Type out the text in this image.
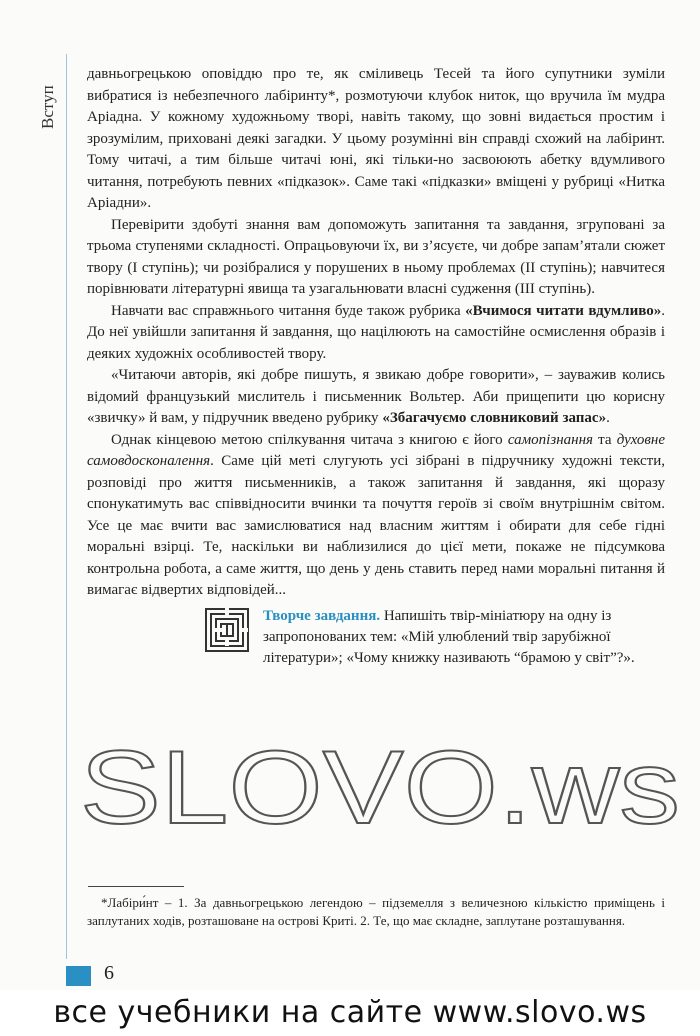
Вступ

давньогрецькою оповіддю про те, як сміливець Тесей та його супутники зуміли вибратися із небезпечного лабіринту*, розмотуючи клубок ниток, що вручила їм мудра Аріадна. У кожному художньому творі, навіть такому, що зовні видається простим і зрозумілим, приховані деякі загадки. У цьому розумінні він справді схожий на лабіринт. Тому читачі, а тим більше читачі юні, які тільки-но засвоюють абетку вдумливого читання, потребують певних «підказок». Саме такі «підказки» вміщені у рубриці «Нитка Аріадни».

Перевірити здобуті знання вам допоможуть запитання та завдання, згруповані за трьома ступенями складності. Опрацьовуючи їх, ви з’ясуєте, чи добре запам’ятали сюжет твору (I ступінь); чи розібралися у порушених в ньому проблемах (II ступінь); навчитеся порівнювати літературні явища та узагальнювати власні судження (III ступінь).

Навчати вас справжнього читання буде також рубрика «Вчимося читати вдумливо». До неї увійшли запитання й завдання, що націлюють на самостійне осмислення образів і деяких художніх особливостей твору.

«Читаючи авторів, які добре пишуть, я звикаю добре говорити», – зауважив колись відомий французький мислитель і письменник Вольтер. Аби прищепити цю корисну «звичку» й вам, у підручник введено рубрику «Збагачуємо словниковий запас».

Однак кінцевою метою спілкування читача з книгою є його самопізнання та духовне самовдосконалення. Саме цій меті слугують усі зібрані в підручнику художні тексти, розповіді про життя письменників, а також запитання й завдання, які щоразу спонукатимуть вас співвідносити вчинки та почуття героїв зі своїм внутрішнім світом. Усе це має вчити вас замислюватися над власним життям і обирати для себе гідні моральні взірці. Те, наскільки ви наблизилися до цієї мети, покаже не підсумкова контрольна робота, а саме життя, що день у день ставить перед нами моральні питання й вимагає відвертих відповідей...

Творче завдання. Напишіть твір-мініатюру на одну із запропонованих тем: «Мій улюблений твір зарубіжної літератури»; «Чому книжку називають “брамою у світ”?».
SLOVO.ws
*Лабіри́нт – 1. За давньогрецькою легендою – підземелля з величезною кількістю приміщень і заплутаних ходів, розташоване на острові Криті. 2. Те, що має складне, заплутане розташування.
6
все учебники на сайте www.slovo.ws
